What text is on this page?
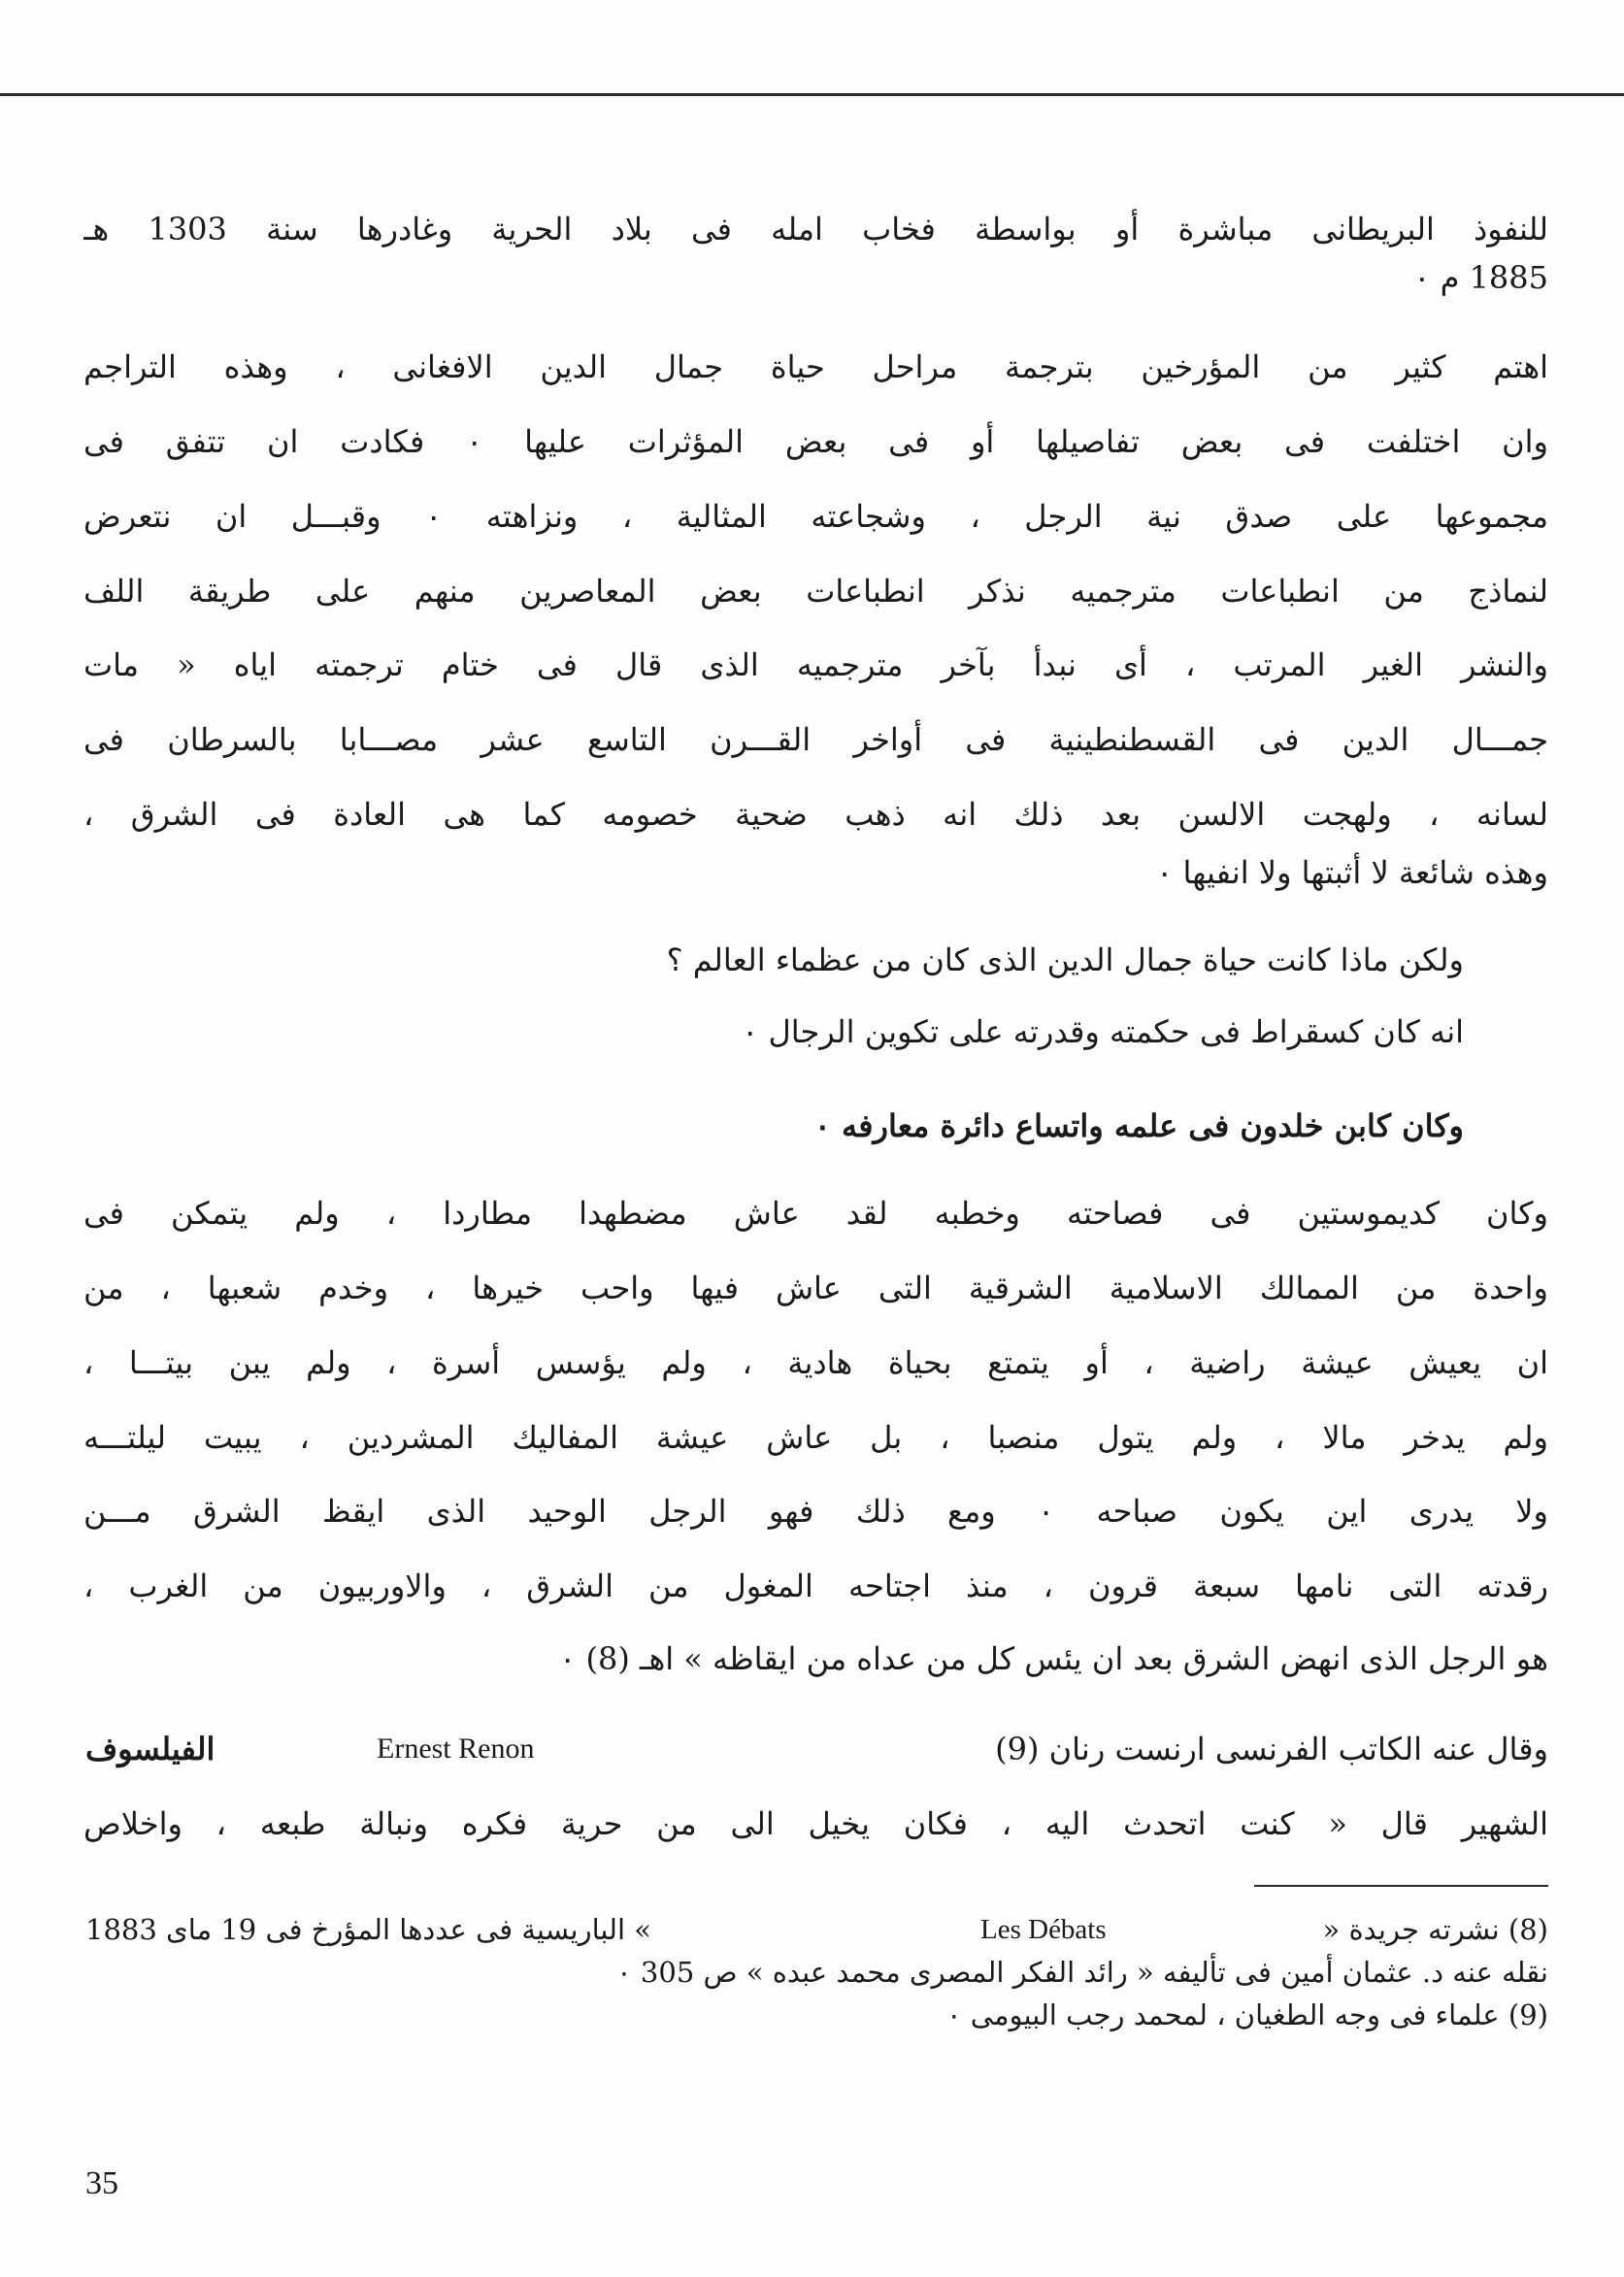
للنفوذ البريطانى مباشرة أو بواسطة فخاب امله فى بلاد الحرية وغادرها سنة 1303 هـ
1885 م ٠
اهتم كثير من المؤرخين بترجمة مراحل حياة جمال الدين الافغانى ، وهذه التراجم
وان اختلفت فى بعض تفاصيلها أو فى بعض المؤثرات عليها ٠ فكادت ان تتفق فى
مجموعها على صدق نية الرجل ، وشجاعته المثالية ، ونزاهته ٠ وقبـــل ان نتعرض
لنماذج من انطباعات مترجميه نذكر انطباعات بعض المعاصرين منهم على طريقة اللف
والنشر الغير المرتب ، أى نبدأ بآخر مترجميه الذى قال فى ختام ترجمته اياه « مات
جمـــال الدين فى القسطنطينية فى أواخر القـــرن التاسع عشر مصـــابا بالسرطان فى
لسانه ، ولهجت الالسن بعد ذلك انه ذهب ضحية خصومه كما هى العادة فى الشرق ،
وهذه شائعة لا أثبتها ولا انفيها ٠
ولكن ماذا كانت حياة جمال الدين الذى كان من عظماء العالم ؟
انه كان كسقراط فى حكمته وقدرته على تكوين الرجال ٠
وكان كابن خلدون فى علمه واتساع دائرة معارفه ٠
وكان كديموستين فى فصاحته وخطبه لقد عاش مضطهدا مطاردا ، ولم يتمكن فى
واحدة من الممالك الاسلامية الشرقية التى عاش فيها واحب خيرها ، وخدم شعبها ، من
ان يعيش عيشة راضية ، أو يتمتع بحياة هادية ، ولم يؤسس أسرة ، ولم يبن بيتـــا ،
ولم يدخر مالا ، ولم يتول منصبا ، بل عاش عيشة المفاليك المشردين ، يبيت ليلتـــه
ولا يدرى اين يكون صباحه ٠ ومع ذلك فهو الرجل الوحيد الذى ايقظ الشرق مـــن
رقدته التى نامها سبعة قرون ، منذ اجتاحه المغول من الشرق ، والاوربيون من الغرب ،
هو الرجل الذى انهض الشرق بعد ان يئس كل من عداه من ايقاظه » اهـ (8) ٠
وقال عنه الكاتب الفرنسى ارنست رنان (9)
Ernest Renon
الفيلسوف
الشهير قال « كنت اتحدث اليه ، فكان يخيل الى من حرية فكره ونبالة طبعه ، واخلاص
(8) نشرته جريدة «
Les Débats
» الباريسية فى عددها المؤرخ فى 19 ماى 1883
نقله عنه د. عثمان أمين فى تأليفه « رائد الفكر المصرى محمد عبده » ص 305 ٠
(9) علماء فى وجه الطغيان ، لمحمد رجب البيومى ٠
35
